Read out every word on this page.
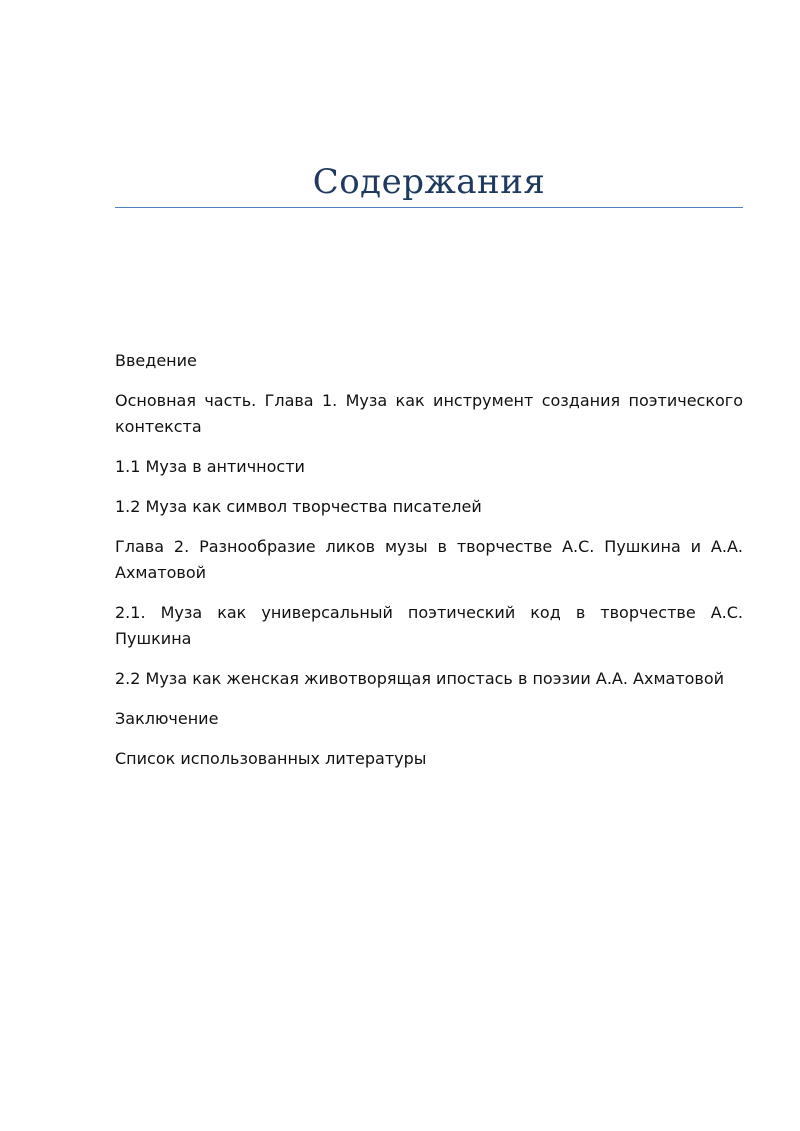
Содержания

Введение

Основная часть. Глава 1. Муза как инструмент создания поэтического контекста

1.1 Муза в античности

1.2 Муза как символ творчества писателей

Глава 2. Разнообразие ликов музы в творчестве А.С. Пушкина и А.А. Ахматовой

2.1. Муза как универсальный поэтический код в творчестве А.С. Пушкина

2.2 Муза как женская животворящая ипостась в поэзии А.А. Ахматовой

Заключение

Список использованных литературы
